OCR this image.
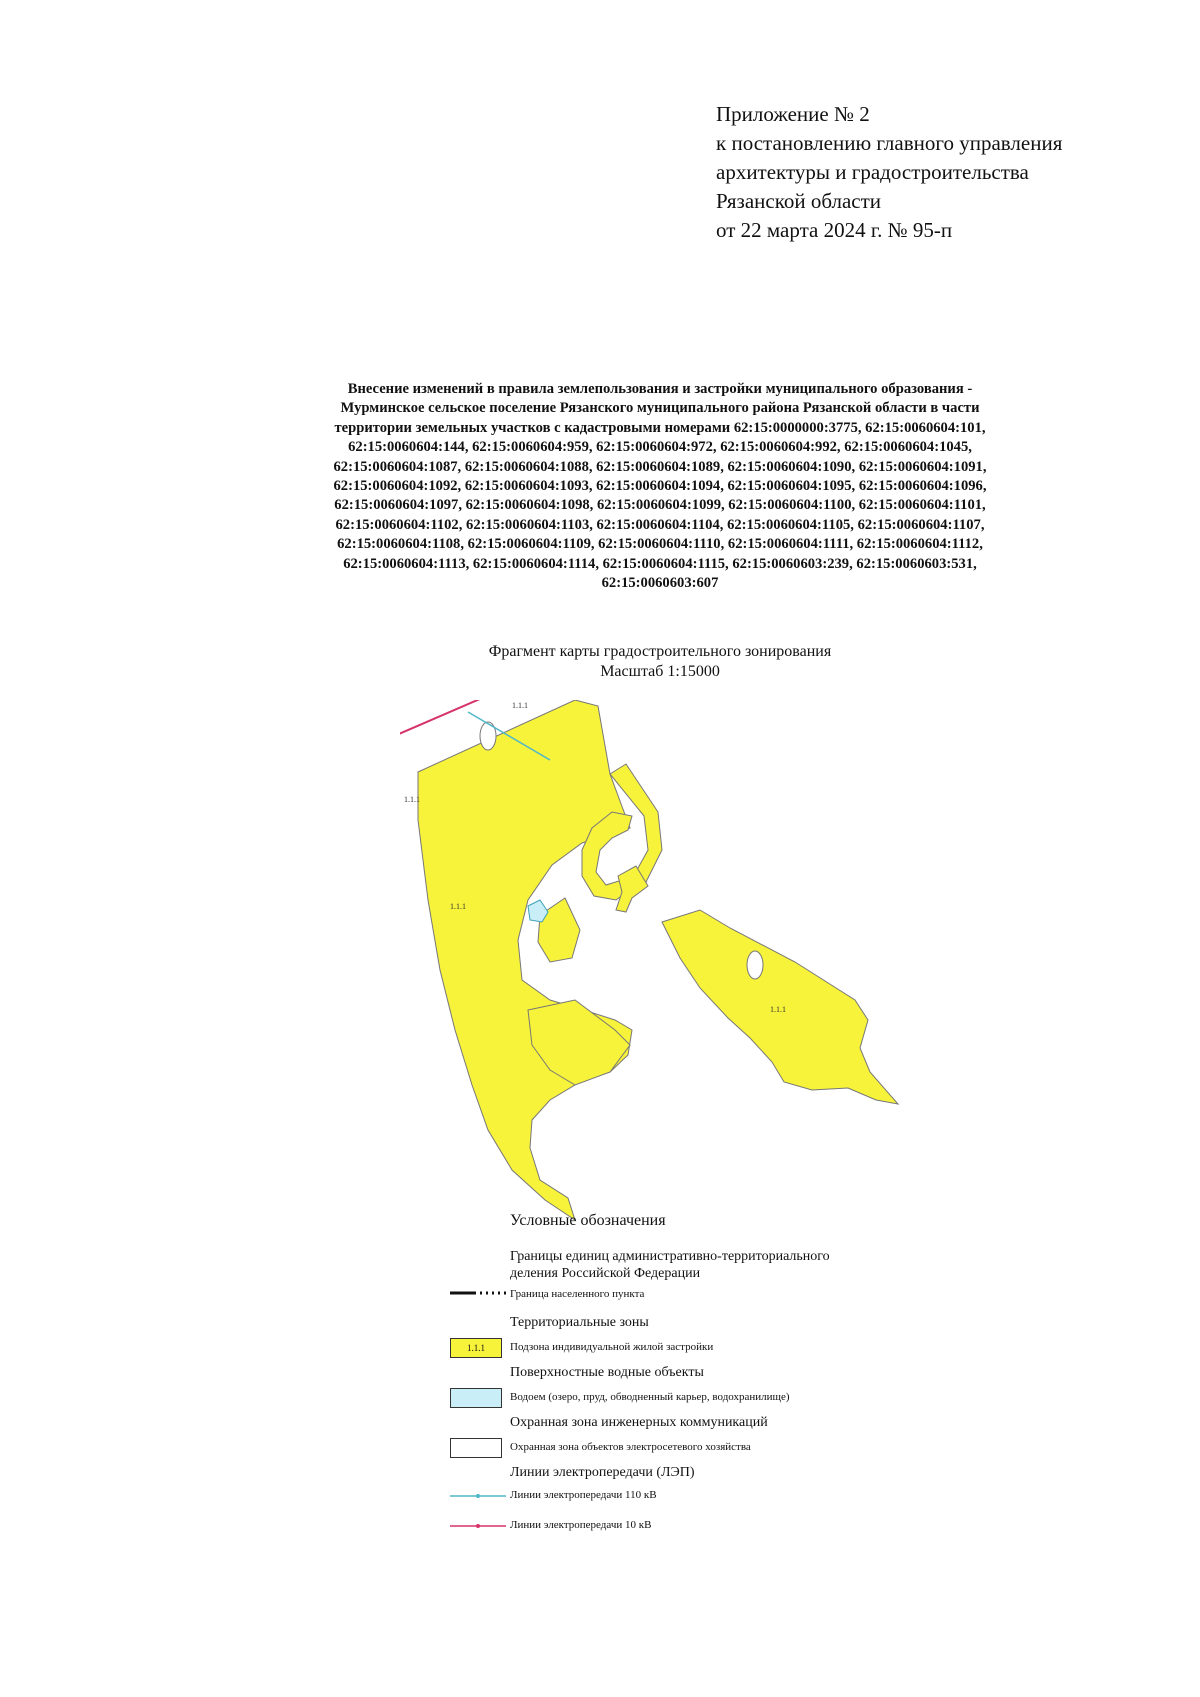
Приложение № 2
к постановлению главного управления
архитектуры и градостроительства
Рязанской области
от 22 марта 2024 г. № 95-п
Внесение изменений в правила землепользования и застройки муниципального образования -
Мурминское сельское поселение Рязанского муниципального района Рязанской области в части
территории земельных участков с кадастровыми номерами 62:15:0000000:3775, 62:15:0060604:101,
62:15:0060604:144, 62:15:0060604:959, 62:15:0060604:972, 62:15:0060604:992, 62:15:0060604:1045,
62:15:0060604:1087, 62:15:0060604:1088, 62:15:0060604:1089, 62:15:0060604:1090, 62:15:0060604:1091,
62:15:0060604:1092, 62:15:0060604:1093, 62:15:0060604:1094, 62:15:0060604:1095, 62:15:0060604:1096,
62:15:0060604:1097, 62:15:0060604:1098, 62:15:0060604:1099, 62:15:0060604:1100, 62:15:0060604:1101,
62:15:0060604:1102, 62:15:0060604:1103, 62:15:0060604:1104, 62:15:0060604:1105, 62:15:0060604:1107,
62:15:0060604:1108, 62:15:0060604:1109, 62:15:0060604:1110, 62:15:0060604:1111, 62:15:0060604:1112,
62:15:0060604:1113, 62:15:0060604:1114, 62:15:0060604:1115, 62:15:0060603:239, 62:15:0060603:531,
62:15:0060603:607
Фрагмент карты градостроительного зонирования
Масштаб 1:15000
1.1.1
1.1.1
1.1.1
1.1.1
Условные обозначения
Границы единиц административно-территориального
деления Российской Федерации
Граница населенного пункта
Территориальные зоны
1.1.1	Подзона индивидуальной жилой застройки
Поверхностные водные объекты
Водоем (озеро, пруд, обводненный карьер, водохранилище)
Охранная зона инженерных коммуникаций
Охранная зона объектов электросетевого хозяйства
Линии электропередачи (ЛЭП)
Линии электропередачи 110 кВ
Линии электропередачи 10 кВ
